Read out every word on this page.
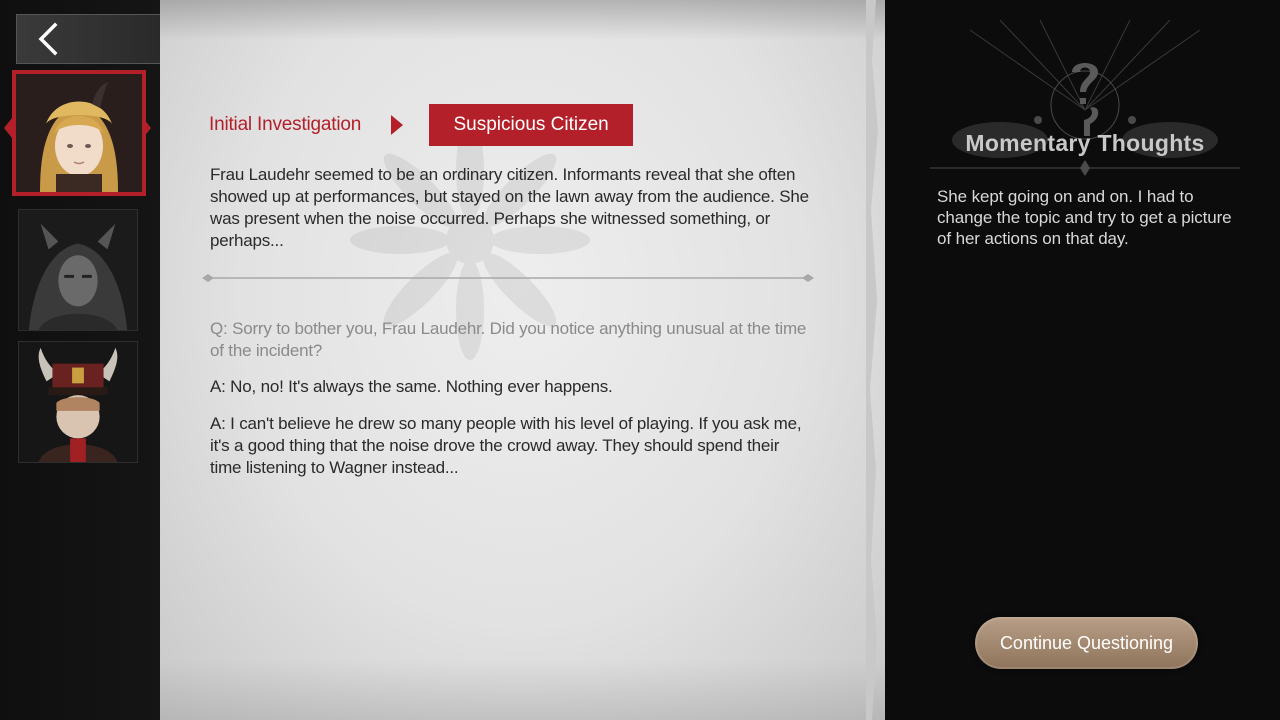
Initial Investigation	Suspicious Citizen

Frau Laudehr seemed to be an ordinary citizen. Informants reveal that she often showed up at performances, but stayed on the lawn away from the audience. She was present when the noise occurred. Perhaps she witnessed something, or perhaps...

Q: Sorry to bother you, Frau Laudehr. Did you notice anything unusual at the time of the incident?

A: No, no! It's always the same. Nothing ever happens.

A: I can't believe he drew so many people with his level of playing. If you ask me, it's a good thing that the noise drove the crowd away. They should spend their time listening to Wagner instead...

Momentary Thoughts

She kept going on and on. I had to change the topic and try to get a picture of her actions on that day.

Continue Questioning
